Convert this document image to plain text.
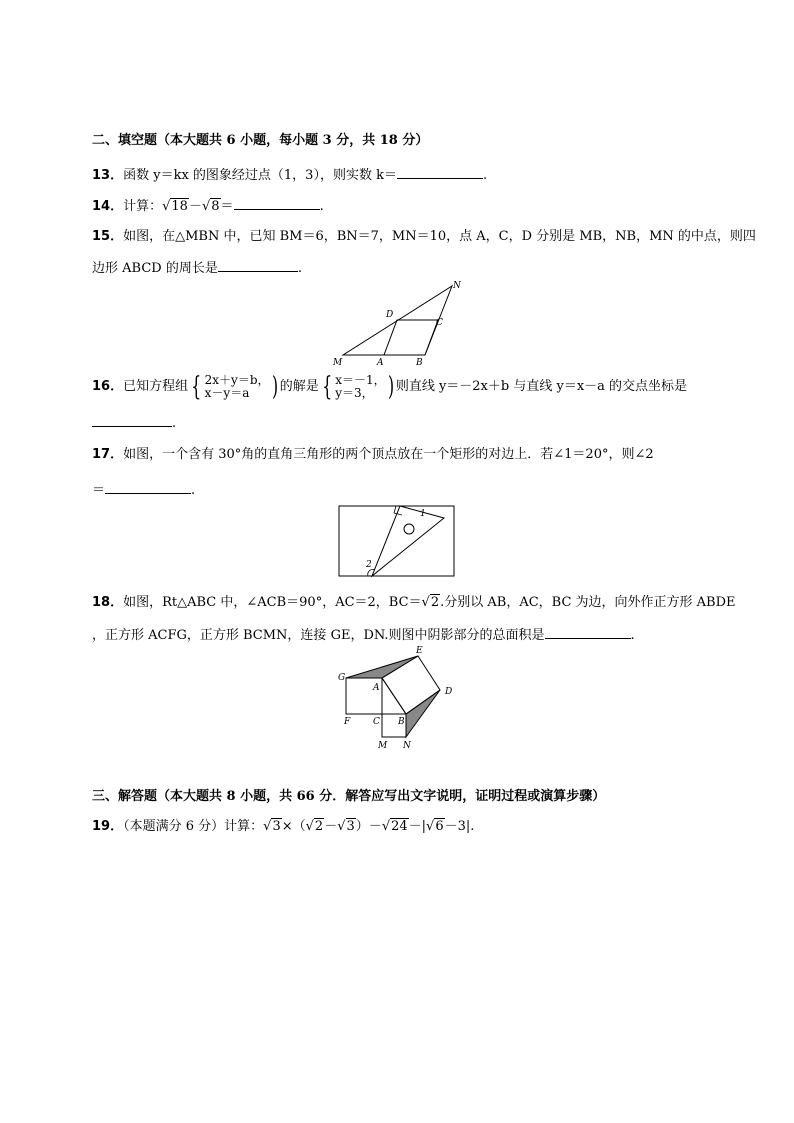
二、填空题（本大题共 6 小题，每小题 3 分，共 18 分）
13．函数 y＝kx 的图象经过点（1，3），则实数 k＝	.
14．计算：√18－√8＝	.
15．如图，在△MBN 中，已知 BM＝6，BN＝7，MN＝10，点 A，C，D 分别是 MB，NB，MN 的中点，则四
边形 ABCD 的周长是	.
M	A	B
C
D
N
16．已知方程组 { 2x＋y＝b，
x－y＝a ) 的解是 { x＝－1，
y＝3， ) 则直线 y＝－2x＋b 与直线 y＝x－a 的交点坐标是
.
17．如图，一个含有 30°角的直角三角形的两个顶点放在一个矩形的对边上．若∠1＝20°，则∠2
＝	.
1
2
18．如图，Rt△ABC 中，∠ACB＝90°，AC＝2，BC＝√2.分别以 AB，AC，BC 为边，向外作正方形 ABDE
，正方形 ACFG，正方形 BCMN，连接 GE，DN.则图中阴影部分的总面积是	.
G
A
E
D
F	C B
M N
三、解答题（本大题共 8 小题，共 66 分．解答应写出文字说明，证明过程或演算步骤）
19．（本题满分 6 分）计算：√3×（√2－√3）－√24－|√6－3|.
